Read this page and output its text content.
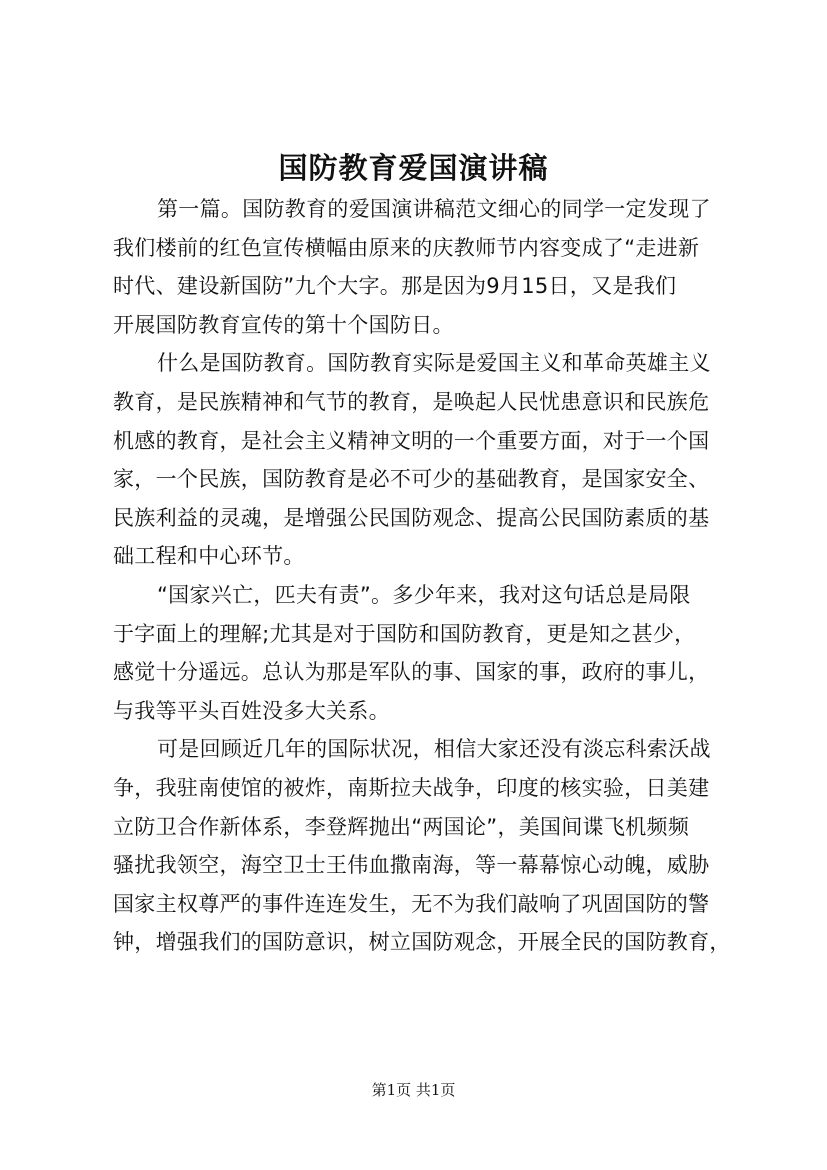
国防教育爱国演讲稿
第一篇。国防教育的爱国演讲稿范文细心的同学一定发现了
我们楼前的红色宣传横幅由原来的庆教师节内容变成了“走进新
时代、建设新国防”九个大字。那是因为9月15日，又是我们
开展国防教育宣传的第十个国防日。
什么是国防教育。国防教育实际是爱国主义和革命英雄主义
教育，是民族精神和气节的教育，是唤起人民忧患意识和民族危
机感的教育，是社会主义精神文明的一个重要方面，对于一个国
家，一个民族，国防教育是必不可少的基础教育，是国家安全、
民族利益的灵魂，是增强公民国防观念、提高公民国防素质的基
础工程和中心环节。
“国家兴亡，匹夫有责”。多少年来，我对这句话总是局限
于字面上的理解;尤其是对于国防和国防教育，更是知之甚少，
感觉十分遥远。总认为那是军队的事、国家的事，政府的事儿，
与我等平头百姓没多大关系。
可是回顾近几年的国际状况，相信大家还没有淡忘科索沃战
争，我驻南使馆的被炸，南斯拉夫战争，印度的核实验，日美建
立防卫合作新体系，李登辉抛出“两国论”，美国间谍飞机频频
骚扰我领空，海空卫士王伟血撒南海，等一幕幕惊心动魄，威胁
国家主权尊严的事件连连发生，无不为我们敲响了巩固国防的警
钟，增强我们的国防意识，树立国防观念，开展全民的国防教育，
第1页 共1页
